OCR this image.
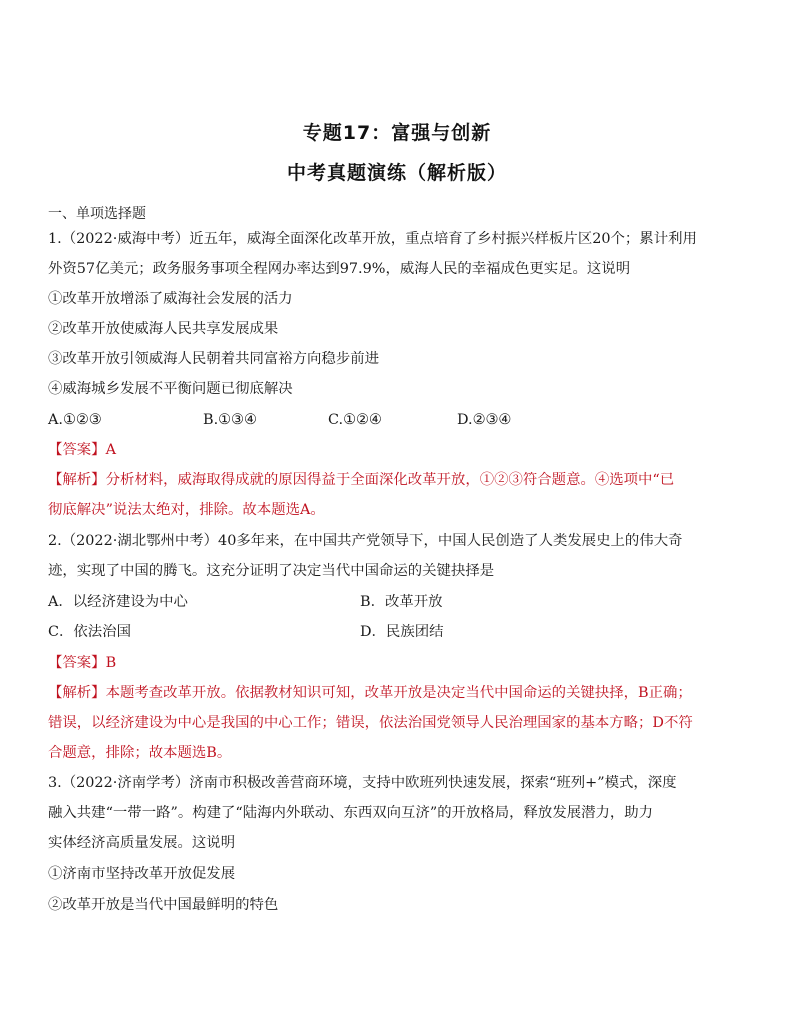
专题17：富强与创新
中考真题演练（解析版）
一、单项选择题
1.（2022·威海中考）近五年，威海全面深化改革开放，重点培育了乡村振兴样板片区20个；累计利用
外资57亿美元；政务服务事项全程网办率达到97.9%，威海人民的幸福成色更实足。这说明
①改革开放增添了威海社会发展的活力
②改革开放使威海人民共享发展成果
③改革开放引领威海人民朝着共同富裕方向稳步前进
④威海城乡发展不平衡问题已彻底解决
A.①②③	B.①③④	C.①②④	D.②③④
【答案】A
【解析】分析材料，威海取得成就的原因得益于全面深化改革开放，①②③符合题意。④选项中“已
彻底解决”说法太绝对，排除。故本题选A。
2.（2022·湖北鄂州中考）40多年来，在中国共产党领导下，中国人民创造了人类发展史上的伟大奇
迹，实现了中国的腾飞。这充分证明了决定当代中国命运的关键抉择是
A．以经济建设为中心	B．改革开放
C．依法治国	D．民族团结
【答案】B
【解析】本题考查改革开放。依据教材知识可知，改革开放是决定当代中国命运的关键抉择，B正确；
错误，以经济建设为中心是我国的中心工作；错误，依法治国党领导人民治理国家的基本方略；D不符
合题意，排除；故本题选B。
3.（2022·济南学考）济南市积极改善营商环境，支持中欧班列快速发展，探索“班列+”模式，深度
融入共建“一带一路”。构建了“陆海内外联动、东西双向互济”的开放格局，释放发展潜力，助力
实体经济高质量发展。这说明
①济南市坚持改革开放促发展
②改革开放是当代中国最鲜明的特色
